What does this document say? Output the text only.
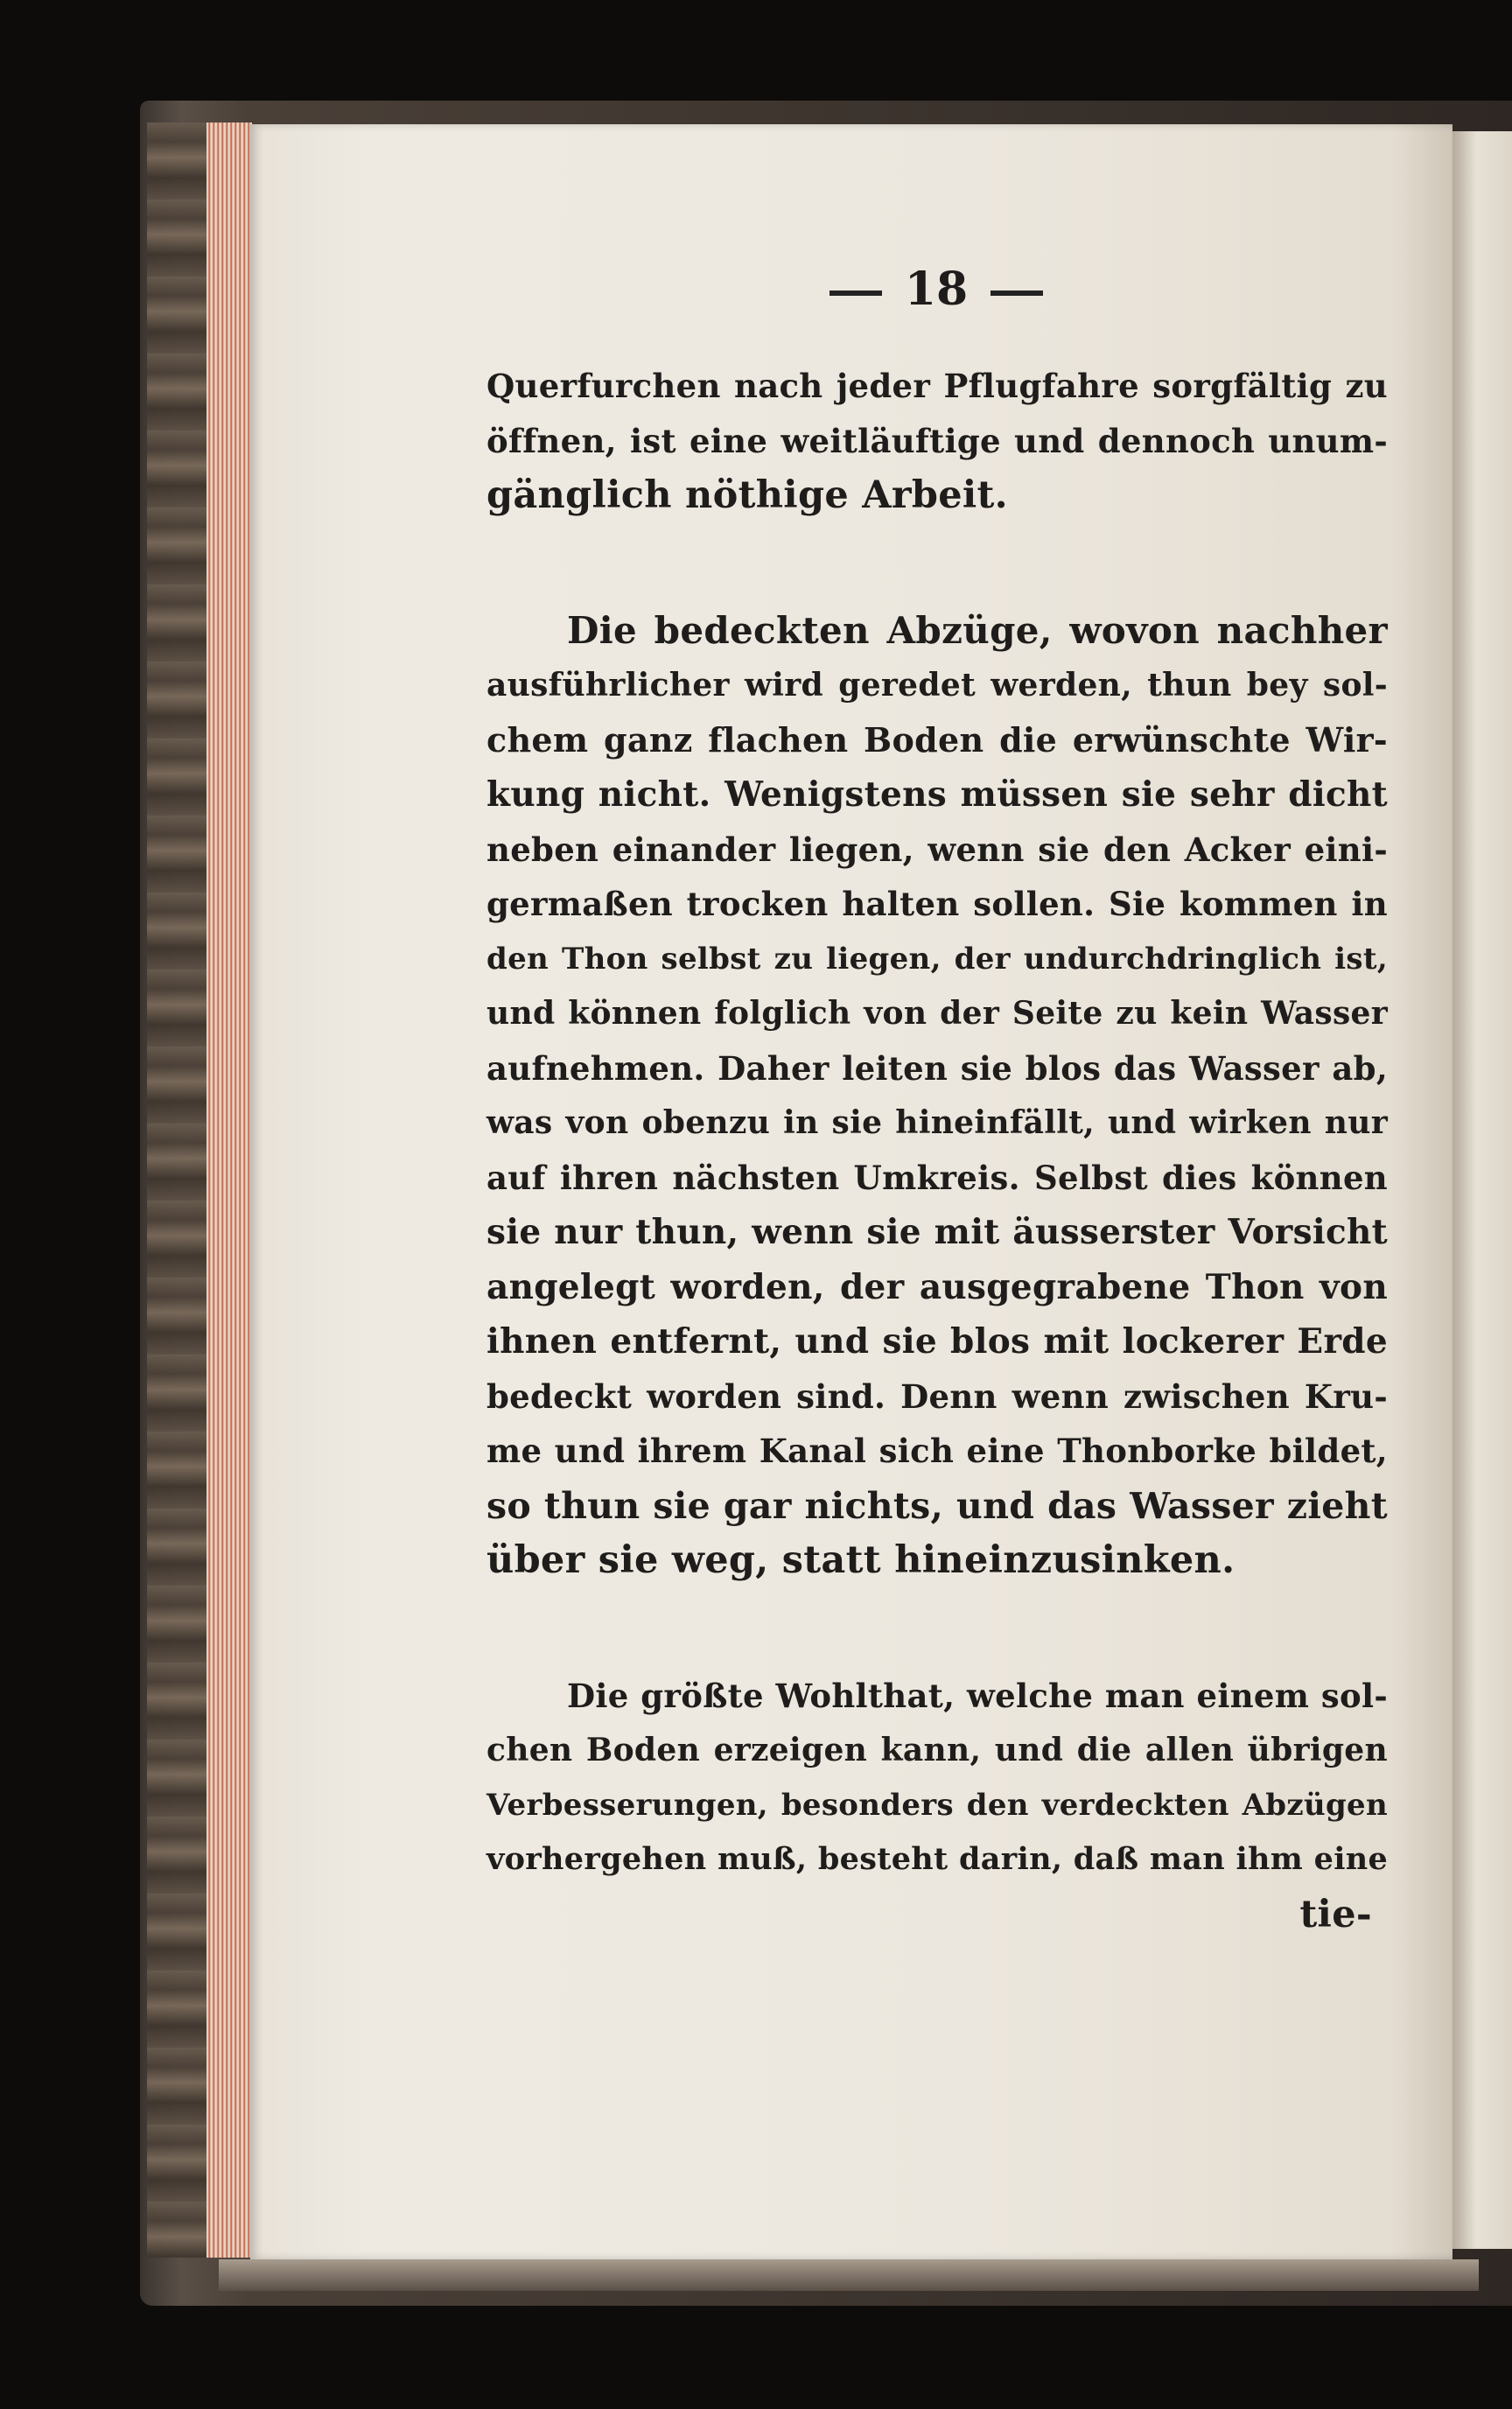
18
Querfurchen nach jeder Pflugfahre sorgfältig zu
öffnen, ist eine weitläuftige und dennoch unum-
gänglich nöthige Arbeit.
Die bedeckten Abzüge, wovon nachher
ausführlicher wird geredet werden, thun bey sol-
chem ganz flachen Boden die erwünschte Wir-
kung nicht. Wenigstens müssen sie sehr dicht
neben einander liegen, wenn sie den Acker eini-
germaßen trocken halten sollen. Sie kommen in
den Thon selbst zu liegen, der undurchdringlich ist,
und können folglich von der Seite zu kein Wasser
aufnehmen. Daher leiten sie blos das Wasser ab,
was von obenzu in sie hineinfällt, und wirken nur
auf ihren nächsten Umkreis. Selbst dies können
sie nur thun, wenn sie mit äusserster Vorsicht
angelegt worden, der ausgegrabene Thon von
ihnen entfernt, und sie blos mit lockerer Erde
bedeckt worden sind. Denn wenn zwischen Kru-
me und ihrem Kanal sich eine Thonborke bildet,
so thun sie gar nichts, und das Wasser zieht
über sie weg, statt hineinzusinken.
Die größte Wohlthat, welche man einem sol-
chen Boden erzeigen kann, und die allen übrigen
Verbesserungen, besonders den verdeckten Abzügen
vorhergehen muß, besteht darin, daß man ihm eine
tie-
